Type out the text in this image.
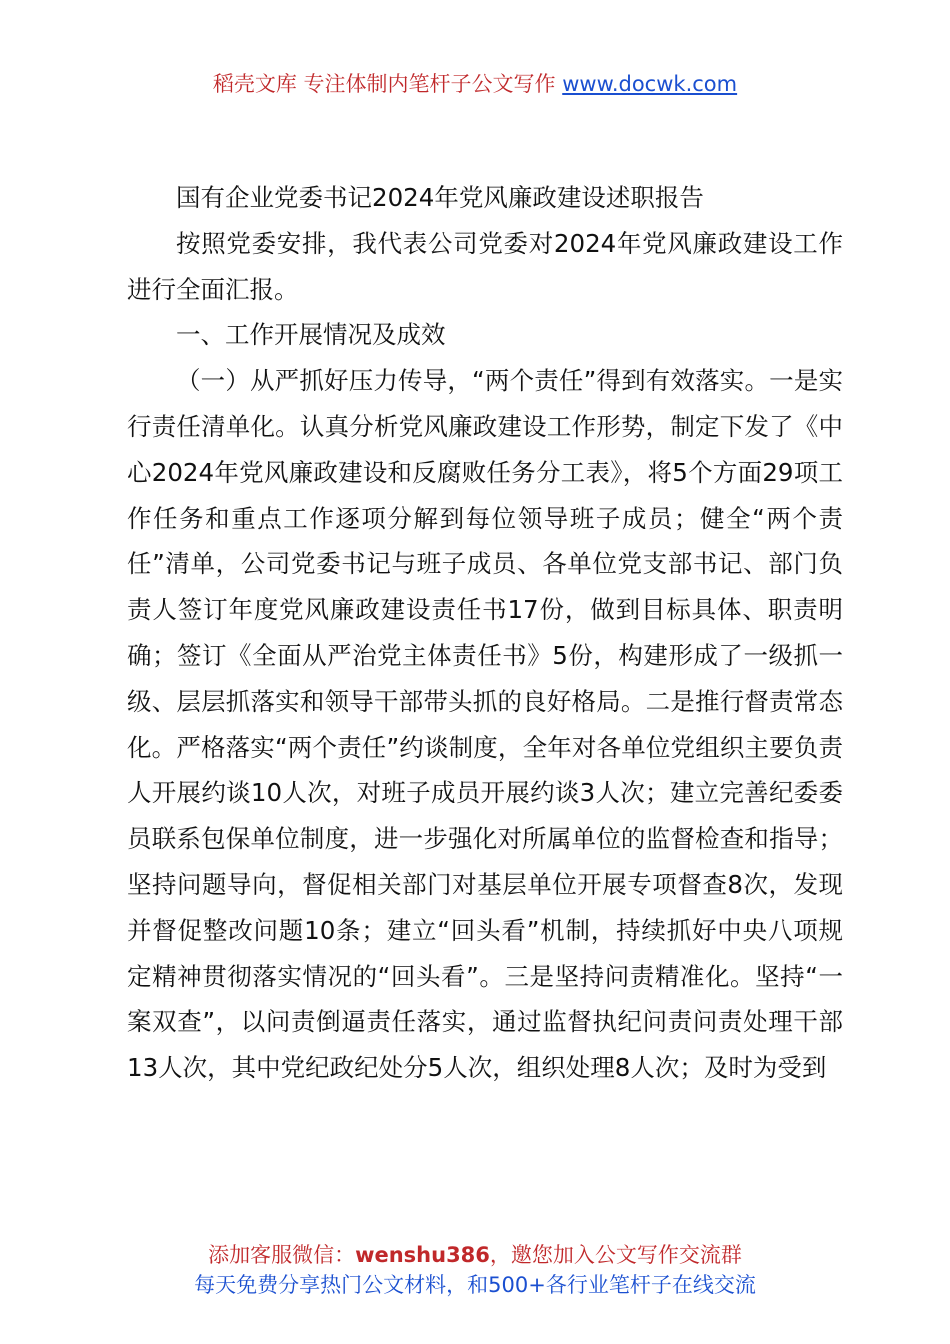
稻壳文库 专注体制内笔杆子公文写作 www.docwk.com

国有企业党委书记2024年党风廉政建设述职报告

按照党委安排，我代表公司党委对2024年党风廉政建设工作进行全面汇报。

一、工作开展情况及成效

（一）从严抓好压力传导，“两个责任”得到有效落实。一是实行责任清单化。认真分析党风廉政建设工作形势，制定下发了《中心2024年党风廉政建设和反腐败任务分工表》，将5个方面29项工作任务和重点工作逐项分解到每位领导班子成员；健全“两个责任”清单，公司党委书记与班子成员、各单位党支部书记、部门负责人签订年度党风廉政建设责任书17份，做到目标具体、职责明确；签订《全面从严治党主体责任书》5份，构建形成了一级抓一级、层层抓落实和领导干部带头抓的良好格局。二是推行督责常态化。严格落实“两个责任”约谈制度，全年对各单位党组织主要负责人开展约谈10人次，对班子成员开展约谈3人次；建立完善纪委委员联系包保单位制度，进一步强化对所属单位的监督检查和指导；坚持问题导向，督促相关部门对基层单位开展专项督查8次，发现并督促整改问题10条；建立“回头看”机制，持续抓好中央八项规定精神贯彻落实情况的“回头看”。三是坚持问责精准化。坚持“一案双查”，以问责倒逼责任落实，通过监督执纪问责问责处理干部13人次，其中党纪政纪处分5人次，组织处理8人次；及时为受到

添加客服微信：wenshu386，邀您加入公文写作交流群
每天免费分享热门公文材料，和500+各行业笔杆子在线交流
